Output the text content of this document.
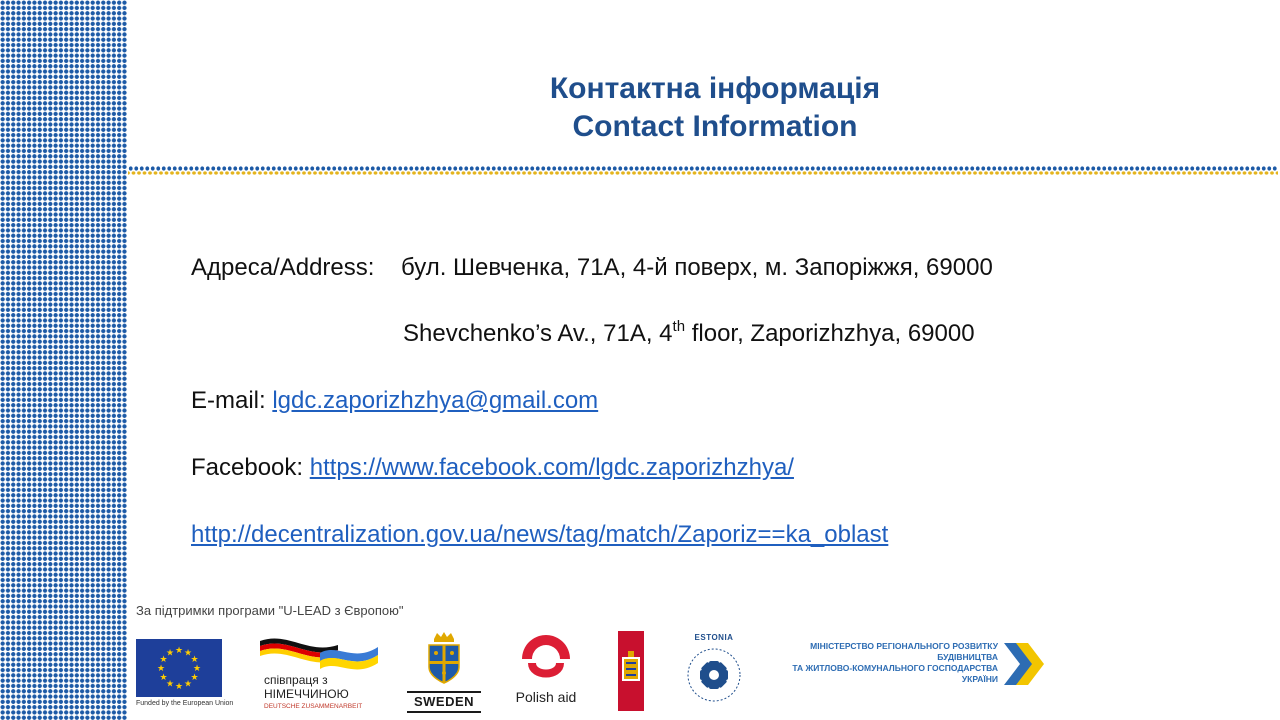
Контактна інформація
Contact Information
Адреса/Address: бул. Шевченка, 71А, 4-й поверх, м. Запоріжжя, 69000
Shevchenko’s Av., 71A, 4th floor, Zaporizhzhya, 69000
E-mail: lgdc.zaporizhzhya@gmail.com
Facebook: https://www.facebook.com/lgdc.zaporizhzhya/
http://decentralization.gov.ua/news/tag/match/Zaporiz==ka_oblast
За підтримки програми "U-LEAD з Європою"
★ ★
★
★
★
★
★
★
★
★
★
★
Funded by the European Union
співпраця з
НІМЕЧЧИНОЮ
DEUTSCHE ZUSAMMENARBEIT	SWEDEN	Polish aid
ESTONIA
МІНІСТЕРСТВО РЕГІОНАЛЬНОГО РОЗВИТКУ
БУДІВНИЦТВА
ТА ЖИТЛОВО-КОМУНАЛЬНОГО ГОСПОДАРСТВА
УКРАЇНИ
